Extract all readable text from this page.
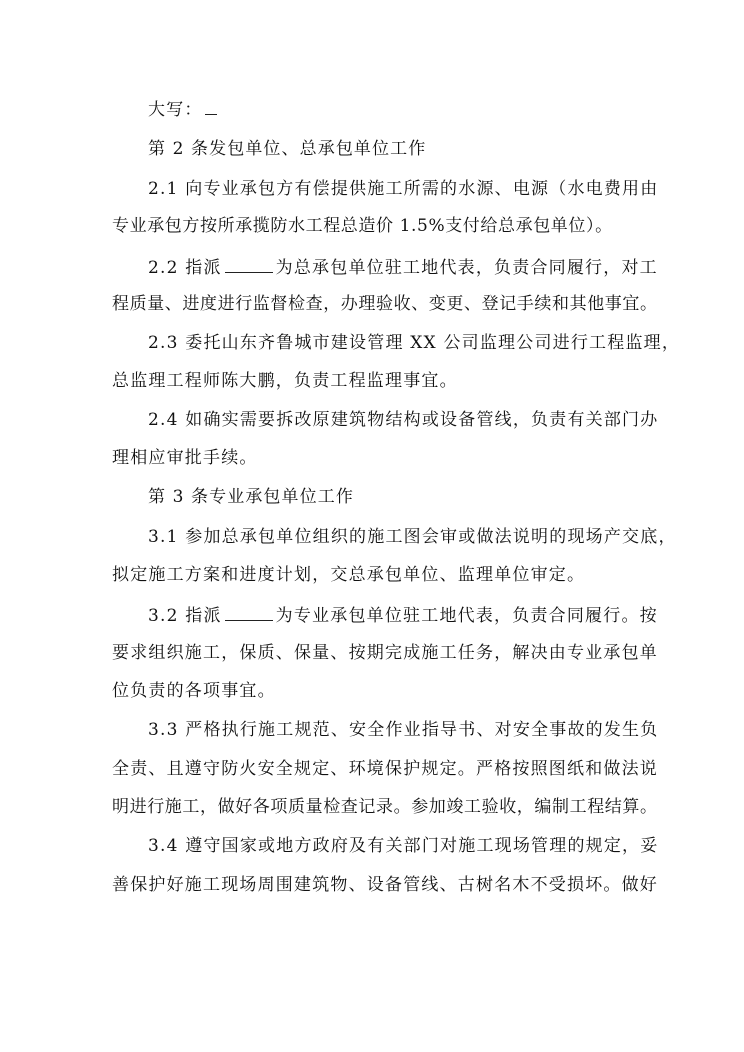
大写：
第 2 条发包单位、总承包单位工作
2.1 向专业承包方有偿提供施工所需的水源、电源（水电费用由
专业承包方按所承揽防水工程总造价 1.5%支付给总承包单位）。
2.2 指派	为总承包单位驻工地代表，负责合同履行，对工
程质量、进度进行监督检查，办理验收、变更、登记手续和其他事宜。
2.3 委托山东齐鲁城市建设管理 XX 公司监理公司进行工程监理，
总监理工程师陈大鹏，负责工程监理事宜。
2.4 如确实需要拆改原建筑物结构或设备管线，负责有关部门办
理相应审批手续。
第 3 条专业承包单位工作
3.1 参加总承包单位组织的施工图会审或做法说明的现场产交底，
拟定施工方案和进度计划，交总承包单位、监理单位审定。
3.2 指派	为专业承包单位驻工地代表，负责合同履行。按
要求组织施工，保质、保量、按期完成施工任务，解决由专业承包单
位负责的各项事宜。
3.3 严格执行施工规范、安全作业指导书、对安全事故的发生负
全责、且遵守防火安全规定、环境保护规定。严格按照图纸和做法说
明进行施工，做好各项质量检查记录。参加竣工验收，编制工程结算。
3.4 遵守国家或地方政府及有关部门对施工现场管理的规定，妥
善保护好施工现场周围建筑物、设备管线、古树名木不受损坏。做好
